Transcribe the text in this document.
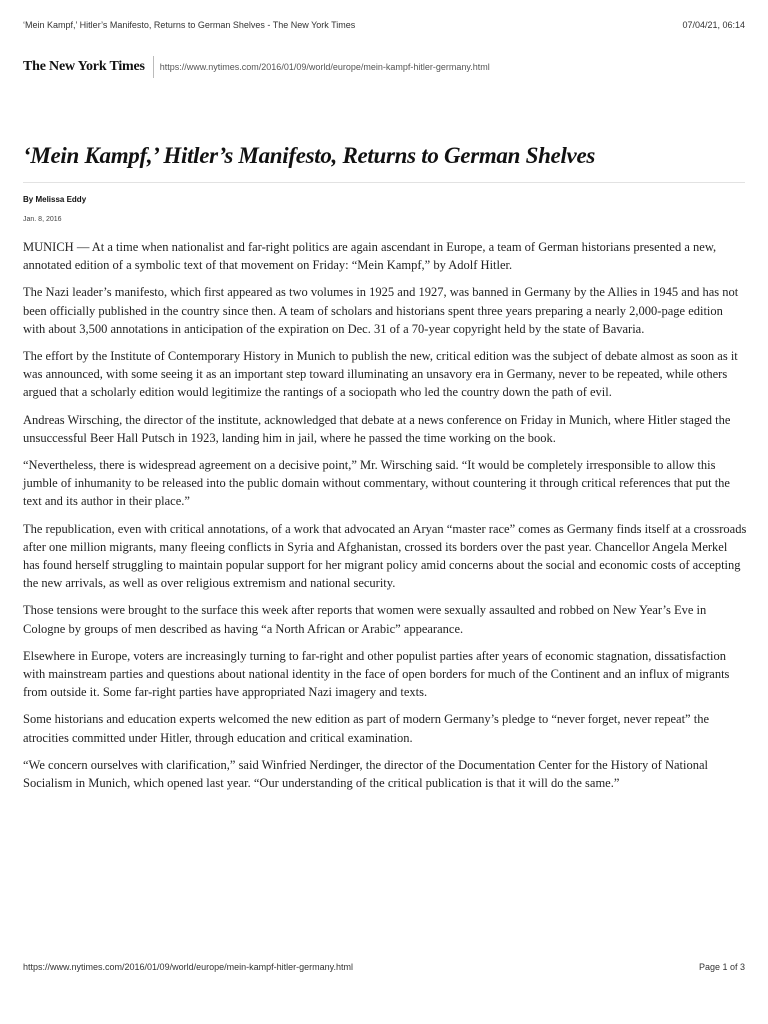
‘Mein Kampf,’ Hitler’s Manifesto, Returns to German Shelves - The New York Times	07/04/21, 06:14
The New York Times	https://www.nytimes.com/2016/01/09/world/europe/mein-kampf-hitler-germany.html
‘Mein Kampf,’ Hitler’s Manifesto, Returns to German Shelves
By Melissa Eddy
Jan. 8, 2016

MUNICH — At a time when nationalist and far-right politics are again ascendant in Europe, a team of German historians presented a new, annotated edition of a symbolic text of that movement on Friday: “Mein Kampf,” by Adolf Hitler.

The Nazi leader’s manifesto, which first appeared as two volumes in 1925 and 1927, was banned in Germany by the Allies in 1945 and has not been officially published in the country since then. A team of scholars and historians spent three years preparing a nearly 2,000-page edition with about 3,500 annotations in anticipation of the expiration on Dec. 31 of a 70-year copyright held by the state of Bavaria.

The effort by the Institute of Contemporary History in Munich to publish the new, critical edition was the subject of debate almost as soon as it was announced, with some seeing it as an important step toward illuminating an unsavory era in Germany, never to be repeated, while others argued that a scholarly edition would legitimize the rantings of a sociopath who led the country down the path of evil.

Andreas Wirsching, the director of the institute, acknowledged that debate at a news conference on Friday in Munich, where Hitler staged the unsuccessful Beer Hall Putsch in 1923, landing him in jail, where he passed the time working on the book.

“Nevertheless, there is widespread agreement on a decisive point,” Mr. Wirsching said. “It would be completely irresponsible to allow this jumble of inhumanity to be released into the public domain without commentary, without countering it through critical references that put the text and its author in their place.”

The republication, even with critical annotations, of a work that advocated an Aryan “master race” comes as Germany finds itself at a crossroads after one million migrants, many fleeing conflicts in Syria and Afghanistan, crossed its borders over the past year. Chancellor Angela Merkel has found herself struggling to maintain popular support for her migrant policy amid concerns about the social and economic costs of accepting the new arrivals, as well as over religious extremism and national security.

Those tensions were brought to the surface this week after reports that women were sexually assaulted and robbed on New Year’s Eve in Cologne by groups of men described as having “a North African or Arabic” appearance.

Elsewhere in Europe, voters are increasingly turning to far-right and other populist parties after years of economic stagnation, dissatisfaction with mainstream parties and questions about national identity in the face of open borders for much of the Continent and an influx of migrants from outside it. Some far-right parties have appropriated Nazi imagery and texts.

Some historians and education experts welcomed the new edition as part of modern Germany’s pledge to “never forget, never repeat” the atrocities committed under Hitler, through education and critical examination.

“We concern ourselves with clarification,” said Winfried Nerdinger, the director of the Documentation Center for the History of National Socialism in Munich, which opened last year. “Our understanding of the critical publication is that it will do the same.”

https://www.nytimes.com/2016/01/09/world/europe/mein-kampf-hitler-germany.html	Page 1 of 3
